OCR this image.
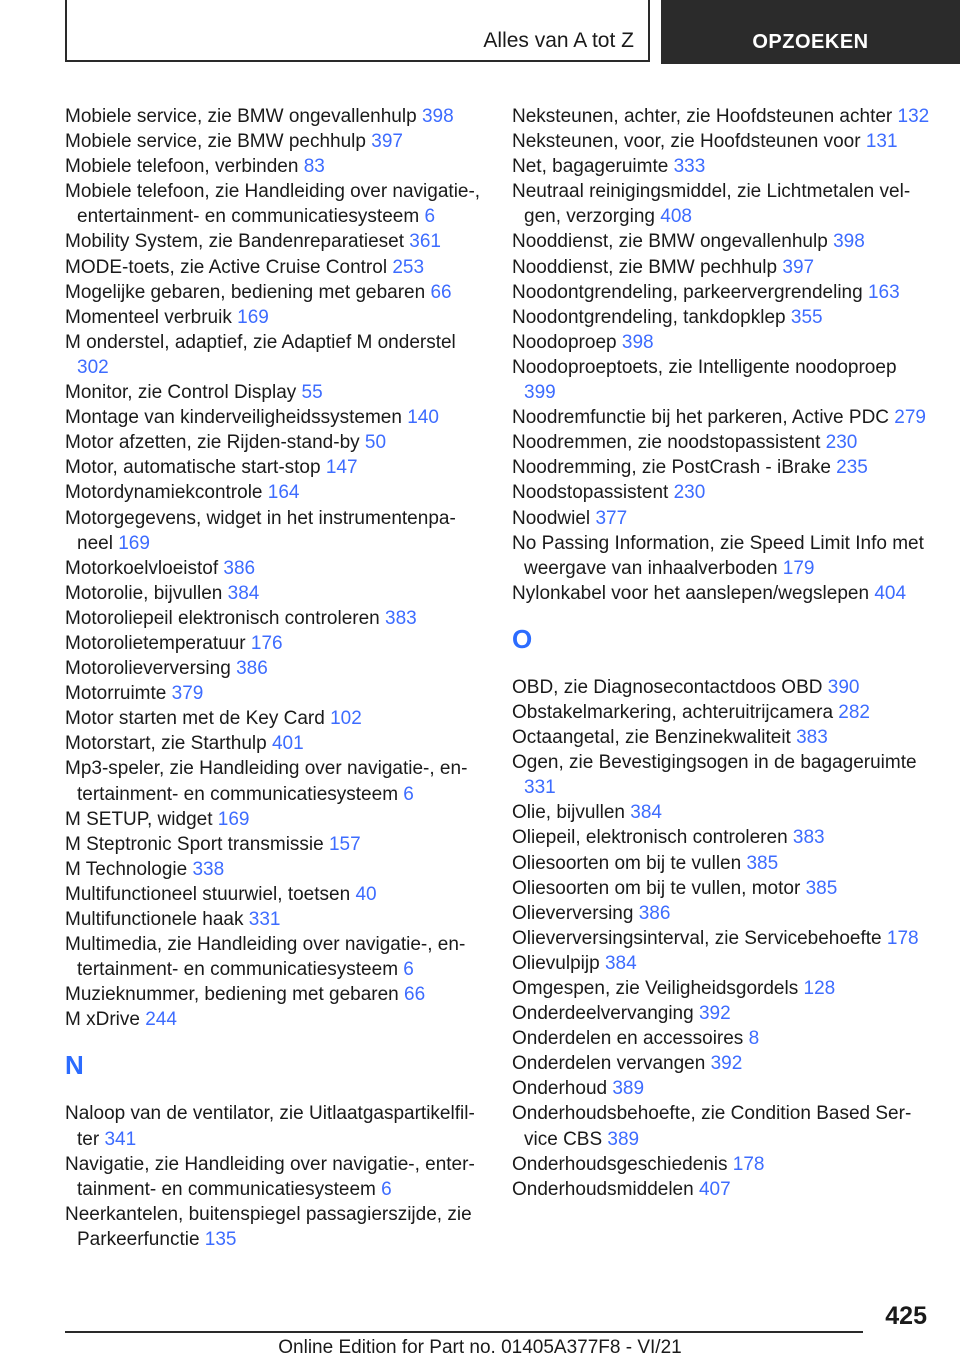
Alles van A tot Z	OPZOEKEN
Mobiele service, zie BMW ongevallenhulp 398
Mobiele service, zie BMW pechhulp 397
Mobiele telefoon, verbinden 83
Mobiele telefoon, zie Handleiding over navigatie-, entertainment- en communicatiesysteem 6
Mobility System, zie Bandenreparatieset 361
MODE-toets, zie Active Cruise Control 253
Mogelijke gebaren, bediening met gebaren 66
Momenteel verbruik 169
M onderstel, adaptief, zie Adaptief M onderstel 302
Monitor, zie Control Display 55
Montage van kinderveiligheidssystemen 140
Motor afzetten, zie Rijden-stand-by 50
Motor, automatische start-stop 147
Motordynamiekcontrole 164
Motorgegevens, widget in het instrumentenpaneel 169
Motorkoelvloeistof 386
Motorolie, bijvullen 384
Motoroliepeil elektronisch controleren 383
Motorolietemperatuur 176
Motorolieverversing 386
Motorruimte 379
Motor starten met de Key Card 102
Motorstart, zie Starthulp 401
Mp3-speler, zie Handleiding over navigatie-, entertainment- en communicatiesysteem 6
M SETUP, widget 169
M Steptronic Sport transmissie 157
M Technologie 338
Multifunctioneel stuurwiel, toetsen 40
Multifunctionele haak 331
Multimedia, zie Handleiding over navigatie-, entertainment- en communicatiesysteem 6
Muzieknummer, bediening met gebaren 66
M xDrive 244
N
Naloop van de ventilator, zie Uitlaatgaspartikelfilter 341
Navigatie, zie Handleiding over navigatie-, entertainment- en communicatiesysteem 6
Neerkantelen, buitenspiegel passagierszijde, zie Parkeerfunctie 135
Neksteunen, achter, zie Hoofdsteunen achter 132
Neksteunen, voor, zie Hoofdsteunen voor 131
Net, bagageruimte 333
Neutraal reinigingsmiddel, zie Lichtmetalen velgen, verzorging 408
Nooddienst, zie BMW ongevallenhulp 398
Nooddienst, zie BMW pechhulp 397
Noodontgrendeling, parkeervergrendeling 163
Noodontgrendeling, tankdopklep 355
Noodoproep 398
Noodoproeptoets, zie Intelligente noodoproep 399
Noodremfunctie bij het parkeren, Active PDC 279
Noodremmen, zie noodstopassistent 230
Noodremming, zie PostCrash - iBrake 235
Noodstopassistent 230
Noodwiel 377
No Passing Information, zie Speed Limit Info met weergave van inhaalverboden 179
Nylonkabel voor het aanslepen/wegslepen 404
O
OBD, zie Diagnosecontactdoos OBD 390
Obstakelmarkering, achteruitrijcamera 282
Octaangetal, zie Benzinekwaliteit 383
Ogen, zie Bevestigingsogen in de bagageruimte 331
Olie, bijvullen 384
Oliepeil, elektronisch controleren 383
Oliesoorten om bij te vullen 385
Oliesoorten om bij te vullen, motor 385
Olieverversing 386
Olieverversingsinterval, zie Servicebehoefte 178
Olievulpijp 384
Omgespen, zie Veiligheidsgordels 128
Onderdeelvervanging 392
Onderdelen en accessoires 8
Onderdelen vervangen 392
Onderhoud 389
Onderhoudsbehoefte, zie Condition Based Service CBS 389
Onderhoudsgeschiedenis 178
Onderhoudsmiddelen 407
425
Online Edition for Part no. 01405A377F8 - VI/21
